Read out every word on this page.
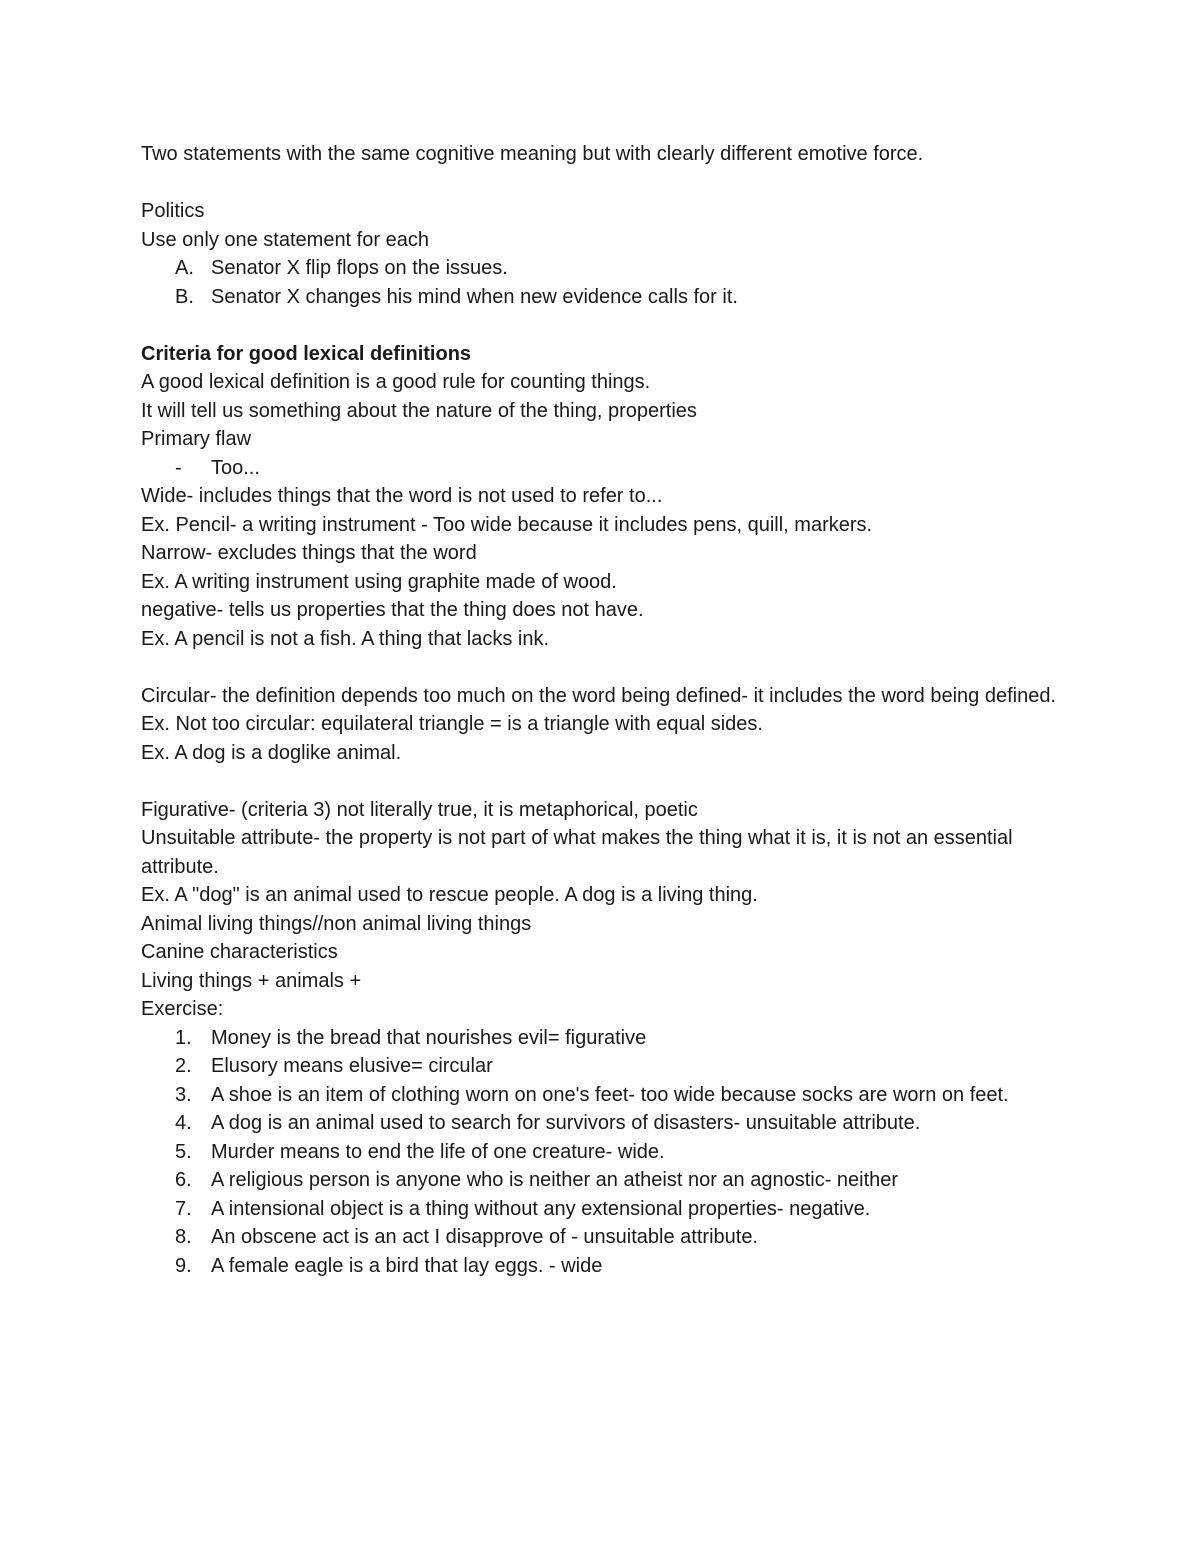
Two statements with the same cognitive meaning but with clearly different emotive force.
Politics
Use only one statement for each
A. Senator X flip flops on the issues.
B. Senator X changes his mind when new evidence calls for it.
Criteria for good lexical definitions
A good lexical definition is a good rule for counting things.
It will tell us something about the nature of the thing, properties
Primary flaw
-	Too...
Wide- includes things that the word is not used to refer to...
Ex. Pencil- a writing instrument - Too wide because it includes pens, quill, markers.
Narrow- excludes things that the word
Ex. A writing instrument using graphite made of wood.
negative- tells us properties that the thing does not have.
Ex. A pencil is not a fish. A thing that lacks ink.
Circular- the definition depends too much on the word being defined- it includes the word being defined.
Ex. Not too circular: equilateral triangle = is a triangle with equal sides.
Ex. A dog is a doglike animal.
Figurative- (criteria 3) not literally true, it is metaphorical, poetic
Unsuitable attribute- the property is not part of what makes the thing what it is, it is not an essential attribute.
Ex. A "dog" is an animal used to rescue people. A dog is a living thing.
Animal living things//non animal living things
Canine characteristics
Living things + animals +
Exercise:
1. Money is the bread that nourishes evil= figurative
2. Elusory means elusive= circular
3. A shoe is an item of clothing worn on one's feet- too wide because socks are worn on feet.
4. A dog is an animal used to search for survivors of disasters- unsuitable attribute.
5. Murder means to end the life of one creature- wide.
6. A religious person is anyone who is neither an atheist nor an agnostic- neither
7. A intensional object is a thing without any extensional properties- negative.
8. An obscene act is an act I disapprove of - unsuitable attribute.
9. A female eagle is a bird that lay eggs. - wide
